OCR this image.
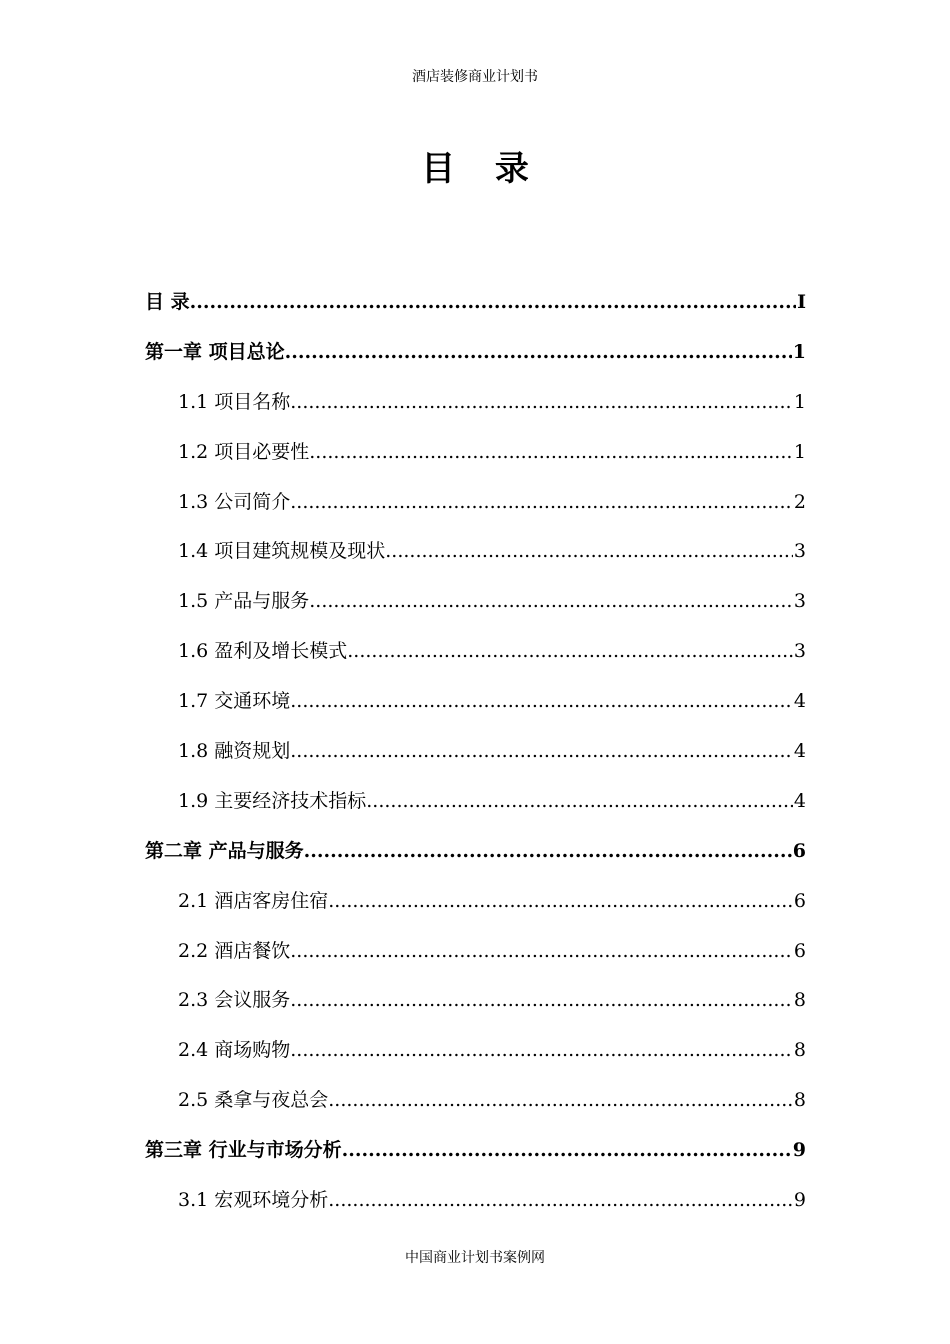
酒店装修商业计划书
目 录
目 录 .....	I
第一章 项目总论 .....	1
1.1 项目名称 .....	1
1.2 项目必要性 .....	1
1.3 公司简介 .....	2
1.4 项目建筑规模及现状 .....	3
1.5 产品与服务 .....	3
1.6 盈利及增长模式 .....	3
1.7 交通环境 .....	4
1.8 融资规划 .....	4
1.9 主要经济技术指标 .....	4
第二章 产品与服务 .....	6
2.1 酒店客房住宿 .....	6
2.2 酒店餐饮 .....	6
2.3 会议服务 .....	8
2.4 商场购物 .....	8
2.5 桑拿与夜总会 .....	8
第三章 行业与市场分析 .....	9
3.1 宏观环境分析 .....	9
中国商业计划书案例网
